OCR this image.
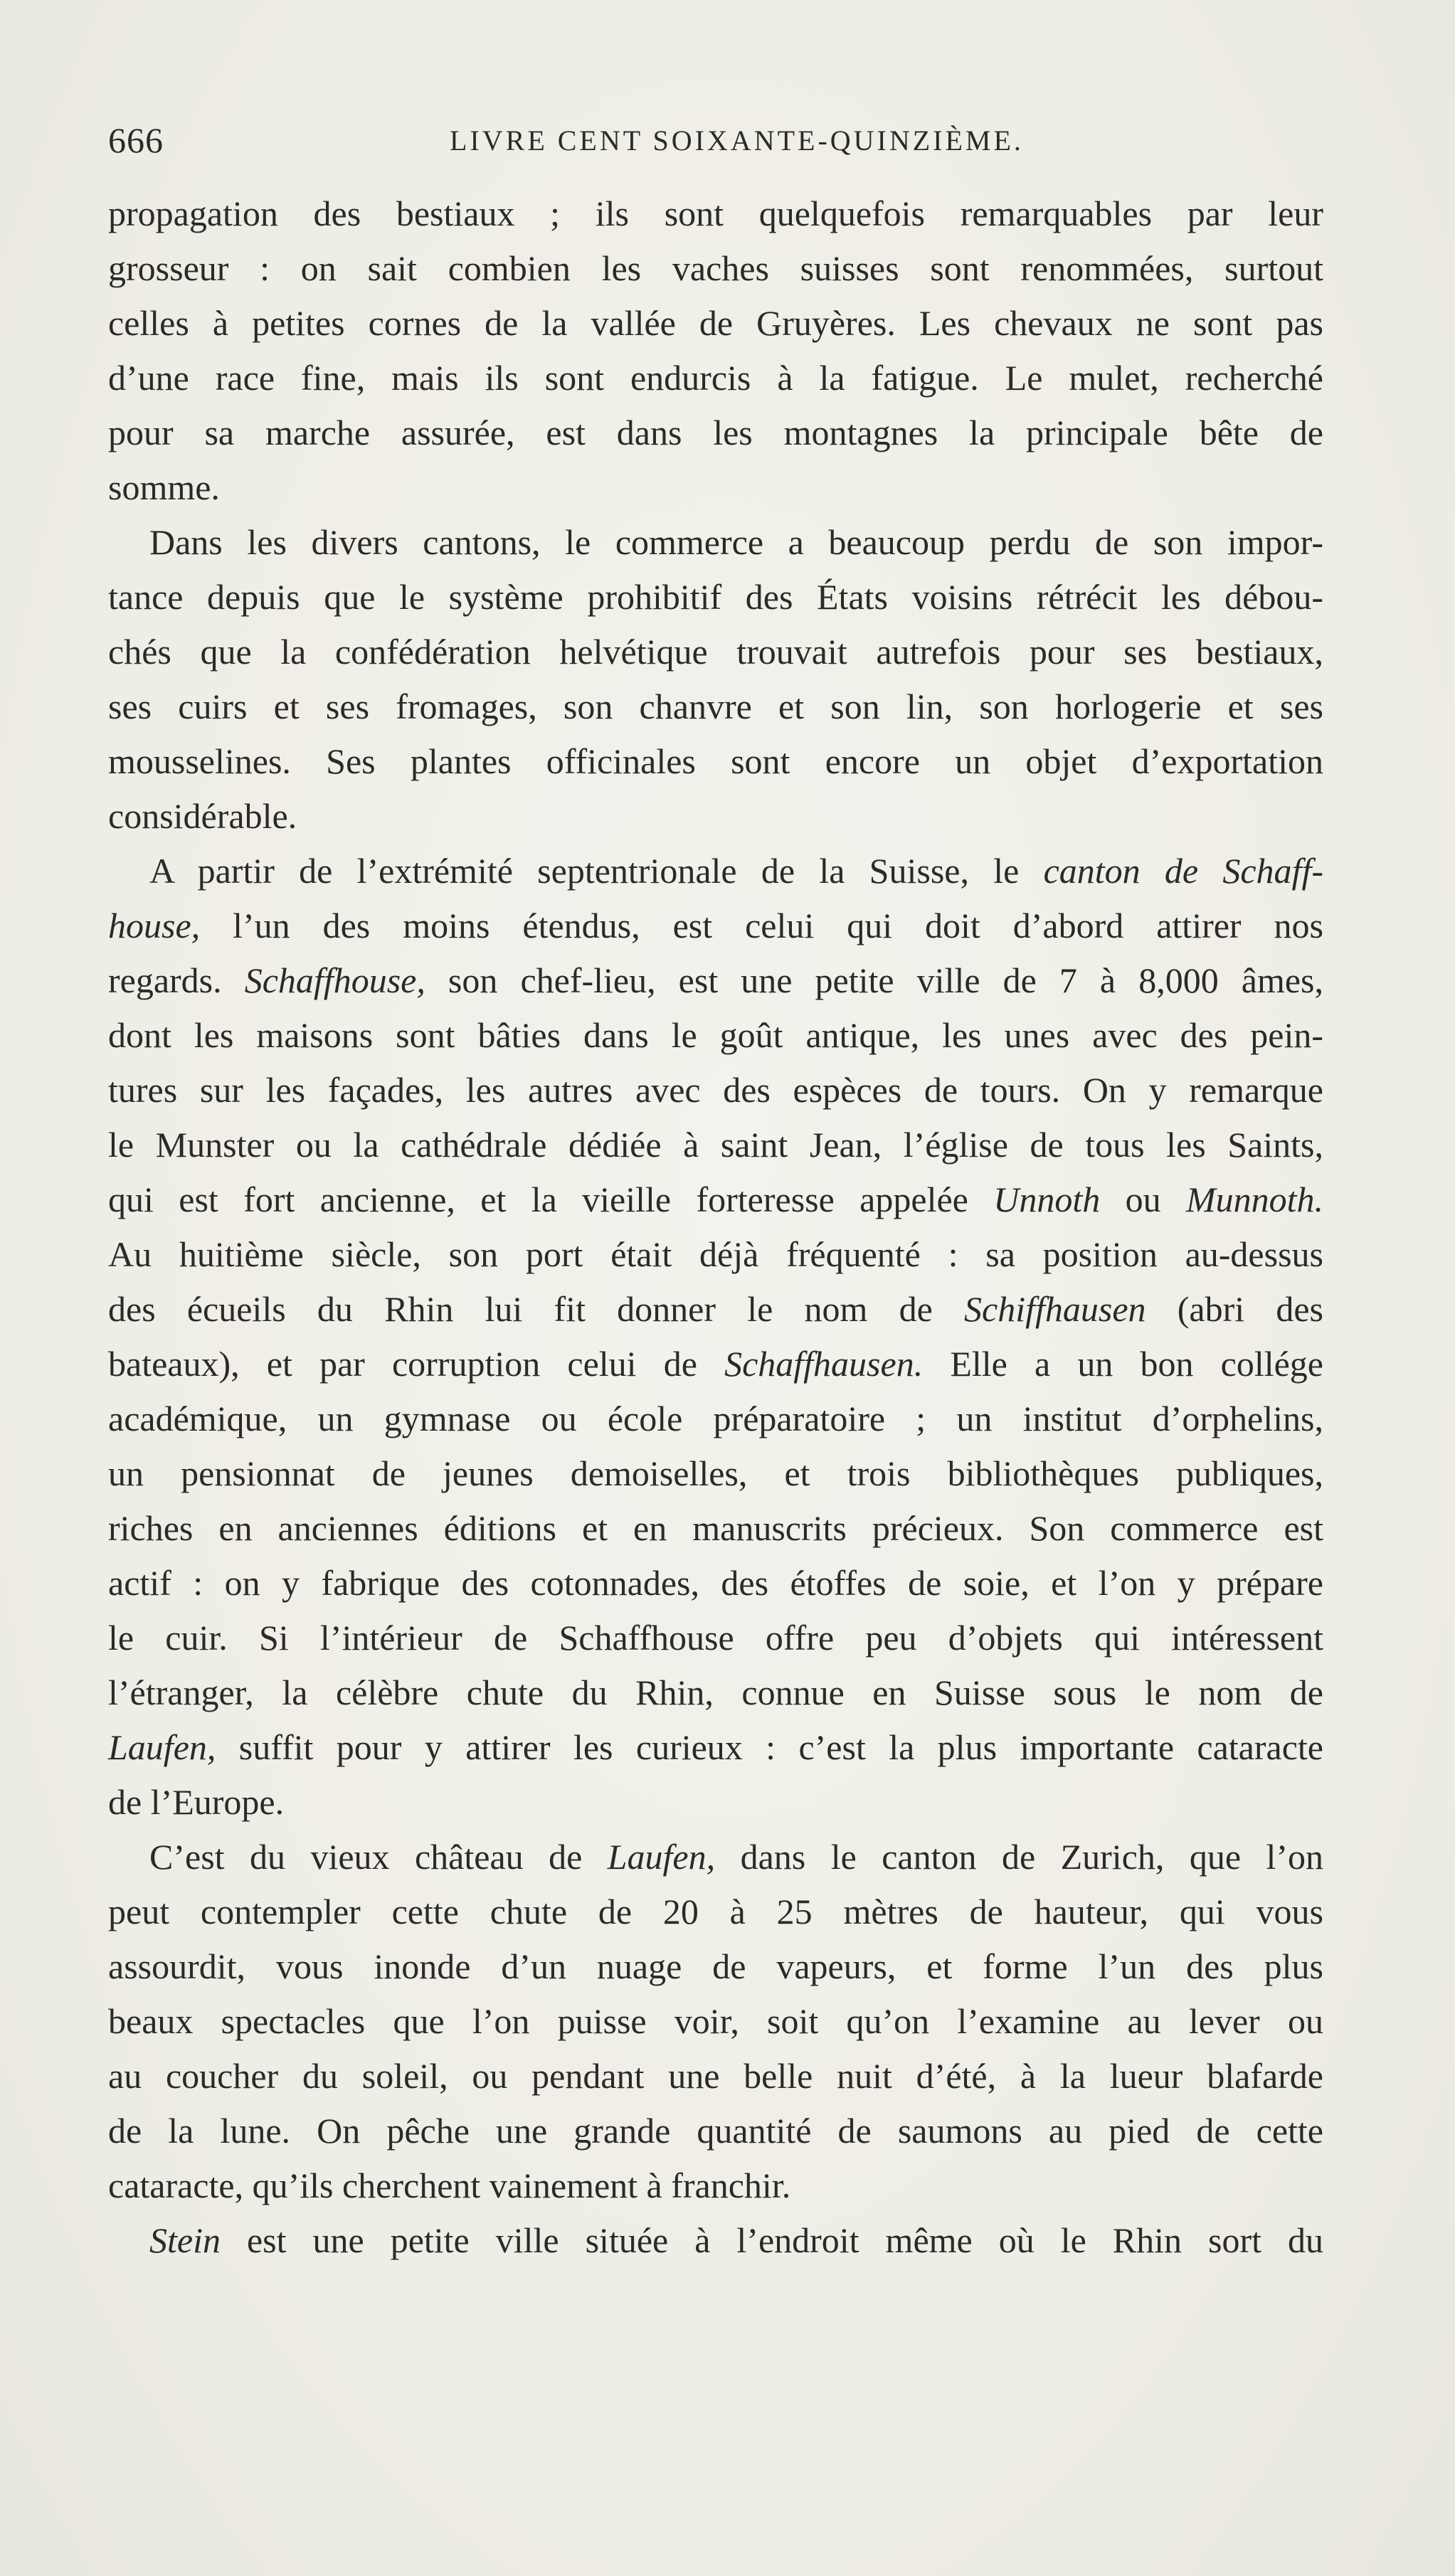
666	LIVRE CENT SOIXANTE-QUINZIÈME.
propagation des bestiaux ; ils sont quelquefois remarquables par leur
grosseur : on sait combien les vaches suisses sont renommées, surtout
celles à petites cornes de la vallée de Gruyères. Les chevaux ne sont pas
d’une race fine, mais ils sont endurcis à la fatigue. Le mulet, recherché
pour sa marche assurée, est dans les montagnes la principale bête de
somme.
Dans les divers cantons, le commerce a beaucoup perdu de son impor-
tance depuis que le système prohibitif des États voisins rétrécit les débou-
chés que la confédération helvétique trouvait autrefois pour ses bestiaux,
ses cuirs et ses fromages, son chanvre et son lin, son horlogerie et ses
mousselines. Ses plantes officinales sont encore un objet d’exportation
considérable.
A partir de l’extrémité septentrionale de la Suisse, le canton de Schaff-
house, l’un des moins étendus, est celui qui doit d’abord attirer nos
regards. Schaffhouse, son chef-lieu, est une petite ville de 7 à 8,000 âmes,
dont les maisons sont bâties dans le goût antique, les unes avec des pein-
tures sur les façades, les autres avec des espèces de tours. On y remarque
le Munster ou la cathédrale dédiée à saint Jean, l’église de tous les Saints,
qui est fort ancienne, et la vieille forteresse appelée Unnoth ou Munnoth.
Au huitième siècle, son port était déjà fréquenté : sa position au-dessus
des écueils du Rhin lui fit donner le nom de Schiffhausen (abri des
bateaux), et par corruption celui de Schaffhausen. Elle a un bon collége
académique, un gymnase ou école préparatoire ; un institut d’orphelins,
un pensionnat de jeunes demoiselles, et trois bibliothèques publiques,
riches en anciennes éditions et en manuscrits précieux. Son commerce est
actif : on y fabrique des cotonnades, des étoffes de soie, et l’on y prépare
le cuir. Si l’intérieur de Schaffhouse offre peu d’objets qui intéressent
l’étranger, la célèbre chute du Rhin, connue en Suisse sous le nom de
Laufen, suffit pour y attirer les curieux : c’est la plus importante cataracte
de l’Europe.
C’est du vieux château de Laufen, dans le canton de Zurich, que l’on
peut contempler cette chute de 20 à 25 mètres de hauteur, qui vous
assourdit, vous inonde d’un nuage de vapeurs, et forme l’un des plus
beaux spectacles que l’on puisse voir, soit qu’on l’examine au lever ou
au coucher du soleil, ou pendant une belle nuit d’été, à la lueur blafarde
de la lune. On pêche une grande quantité de saumons au pied de cette
cataracte, qu’ils cherchent vainement à franchir.
Stein est une petite ville située à l’endroit même où le Rhin sort du
